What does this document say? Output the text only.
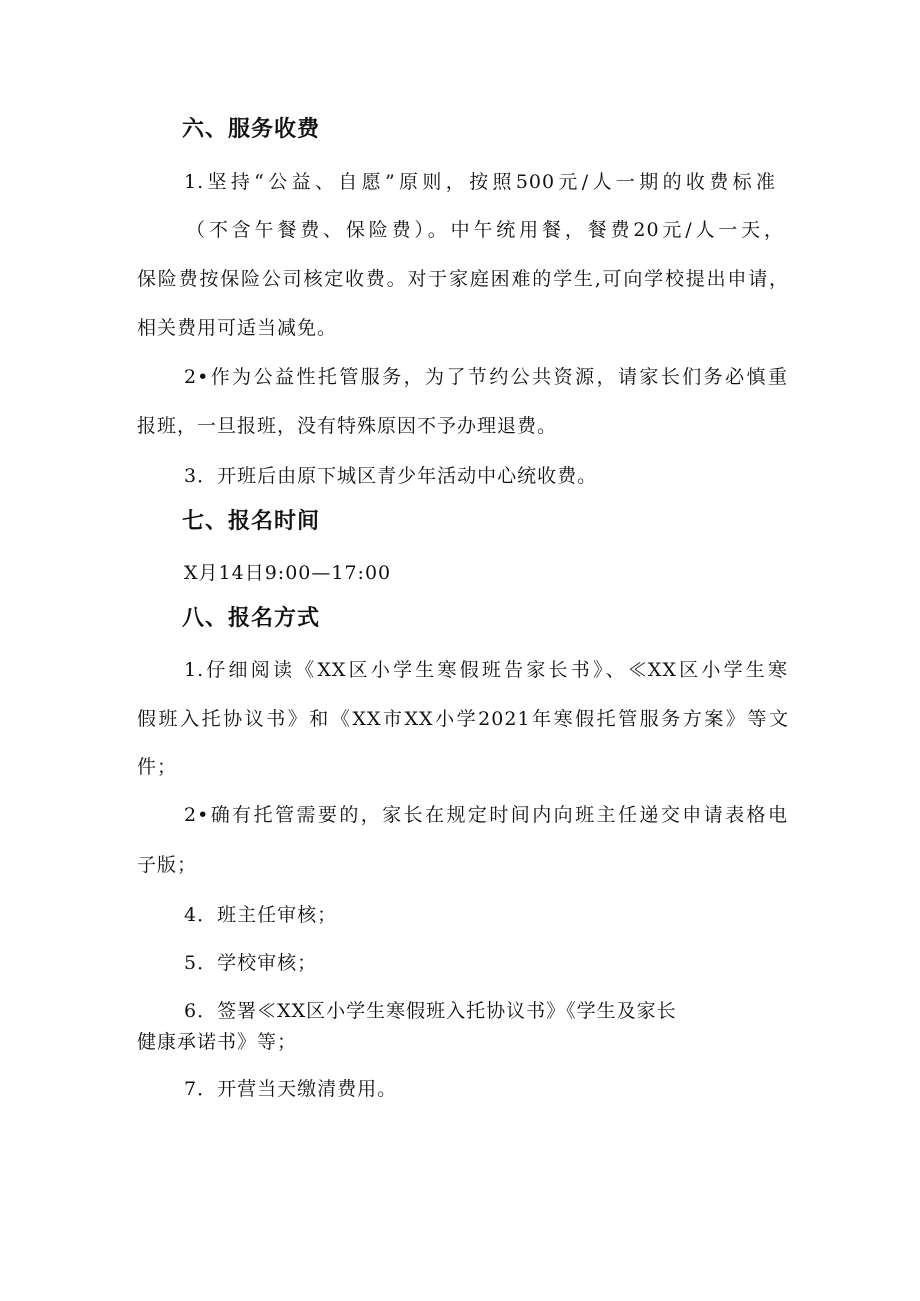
六、服务收费
1.坚持“公益、自愿”原则，按照500元/人一期的收费标准
（不含午餐费、保险费）。中午统用餐，餐费20元/人一天，
保险费按保险公司核定收费。对于家庭困难的学生,可向学校提出申请，
相关费用可适当减免。
2•作为公益性托管服务，为了节约公共资源，请家长们务必慎重
报班，一旦报班，没有特殊原因不予办理退费。
3．开班后由原下城区青少年活动中心统收费。
七、报名时间
X月14日9:00—17:00
八、报名方式
1.仔细阅读《XX区小学生寒假班告家长书》、≪XX区小学生寒
假班入托协议书》和《XX市XX小学2021年寒假托管服务方案》等文
件；
2•确有托管需要的，家长在规定时间内向班主任递交申请表格电
子版；
4．班主任审核；
5．学校审核；
6．签署≪XX区小学生寒假班入托协议书》《学生及家长
健康承诺书》等；
7．开营当天缴清费用。
